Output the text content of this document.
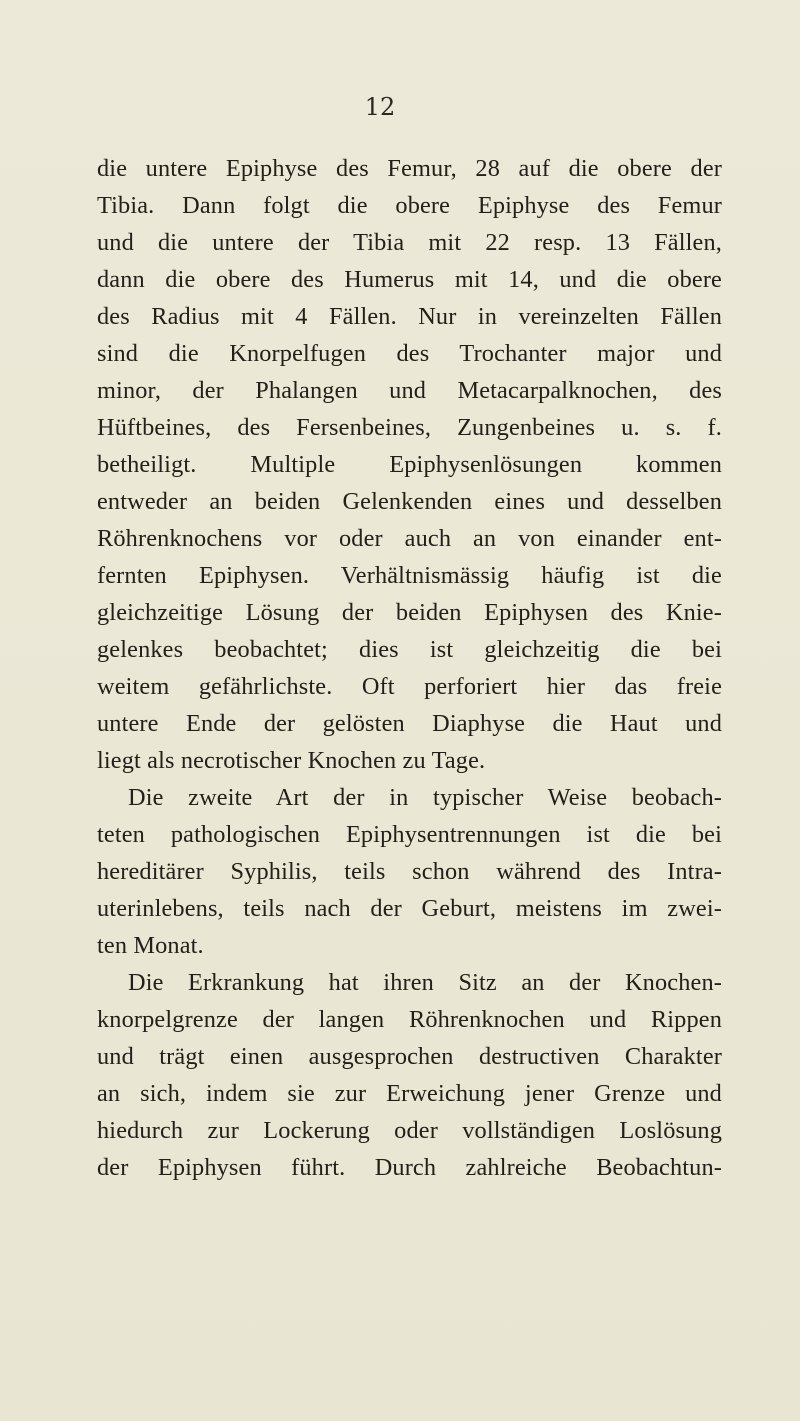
12
die untere Epiphyse des Femur, 28 auf die obere der
Tibia. Dann folgt die obere Epiphyse des Femur
und die untere der Tibia mit 22 resp. 13 Fällen,
dann die obere des Humerus mit 14, und die obere
des Radius mit 4 Fällen. Nur in vereinzelten Fällen
sind die Knorpelfugen des Trochanter major und
minor, der Phalangen und Metacarpalknochen, des
Hüftbeines, des Fersenbeines, Zungenbeines u. s. f.
betheiligt. Multiple Epiphysenlösungen kommen
entweder an beiden Gelenkenden eines und desselben
Röhrenknochens vor oder auch an von einander ent-
fernten Epiphysen. Verhältnismässig häufig ist die
gleichzeitige Lösung der beiden Epiphysen des Knie-
gelenkes beobachtet; dies ist gleichzeitig die bei
weitem gefährlichste. Oft perforiert hier das freie
untere Ende der gelösten Diaphyse die Haut und
liegt als necrotischer Knochen zu Tage.
Die zweite Art der in typischer Weise beobach-
teten pathologischen Epiphysentrennungen ist die bei
hereditärer Syphilis, teils schon während des Intra-
uterinlebens, teils nach der Geburt, meistens im zwei-
ten Monat.
Die Erkrankung hat ihren Sitz an der Knochen-
knorpelgrenze der langen Röhrenknochen und Rippen
und trägt einen ausgesprochen destructiven Charakter
an sich, indem sie zur Erweichung jener Grenze und
hiedurch zur Lockerung oder vollständigen Loslösung
der Epiphysen führt. Durch zahlreiche Beobachtun-
